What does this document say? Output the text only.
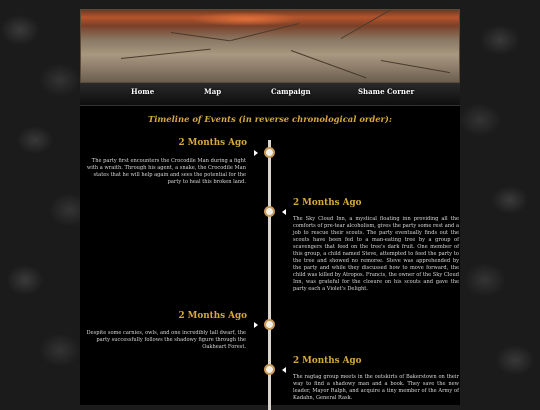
Home	Map	Campaign	Shame Corner
Timeline of Events (in reverse chronological order):
2 Months Ago
The party first encounters the Crocodile Man during a fight with a wraith. Through his agent, a snake, the Crocodile Man states that he will help again and sees the potential for the party to heal this broken land.
2 Months Ago
The Sky Cloud Inn, a mystical floating inn providing all the comforts of pre-tear alcoholism, gives the party some rest and a job to rescue their scouts. The party eventually finds out the scouts have been fed to a man-eating tree by a group of scavengers that feed on the tree's dark fruit. One member of this group, a child named Steve, attempted to feed the party to the tree and showed no remorse. Steve was apprehended by the party and while they discussed how to move forward, the child was killed by Atropos. Francis, the owner of the Sky Cloud Inn, was grateful for the closure on his scouts and gave the party each a Violet's Delight.
2 Months Ago
Despite some carnies, owls, and one incredibly tall dwarf, the party successfully follows the shadowy figure through the Oakheart Forest.
2 Months Ago
The ragtag group meets in the outskirts of Bakerstown on their way to find a shadowy man and a book. They save the new leader, Mayor Ralph, and acquire a tiny member of the Army of Kadahn, General Rask.
